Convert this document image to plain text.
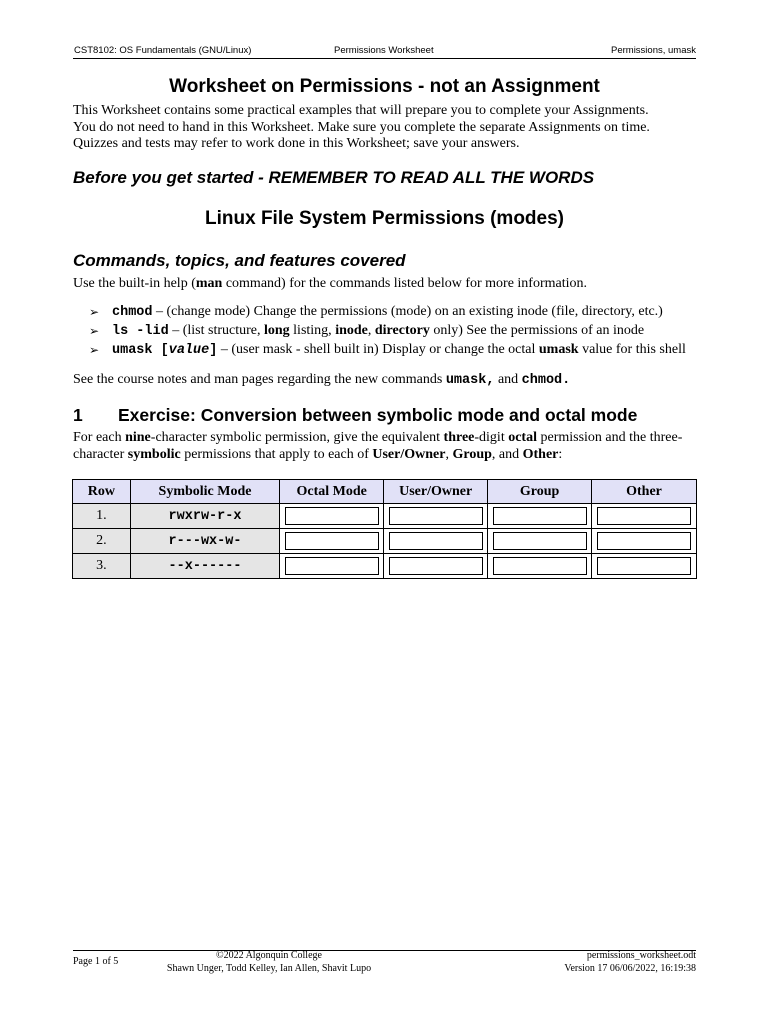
CST8102: OS Fundamentals (GNU/Linux)	Permissions Worksheet	Permissions, umask
Worksheet on Permissions - not an Assignment

This Worksheet contains some practical examples that will prepare you to complete your Assignments.
You do not need to hand in this Worksheet. Make sure you complete the separate Assignments on time. Quizzes and tests may refer to work done in this Worksheet; save your answers.

Before you get started - REMEMBER TO READ ALL THE WORDS
Linux File System Permissions (modes)
Commands, topics, and features covered

Use the built-in help (man command) for the commands listed below for more information.

➢ chmod – (change mode) Change the permissions (mode) on an existing inode (file, directory, etc.)
➢ ls -lid – (list structure, long listing, inode, directory only) See the permissions of an inode
➢ umask [value] – (user mask - shell built in) Display or change the octal umask value for this shell

See the course notes and man pages regarding the new commands umask, and chmod.

1 Exercise: Conversion between symbolic mode and octal mode

For each nine-character symbolic permission, give the equivalent three-digit octal permission and the three-character symbolic permissions that apply to each of User/Owner, Group, and Other:

Row	Symbolic Mode	Octal Mode	User/Owner	Group	Other
1.	rwxrw-r-x	

2.	r---wx-w-	

3.	--x------	

Page 1 of 5
©2022 Algonquin College
Shawn Unger, Todd Kelley, Ian Allen, Shavit Lupo
permissions_worksheet.odt
Version 17 06/06/2022, 16:19:38
